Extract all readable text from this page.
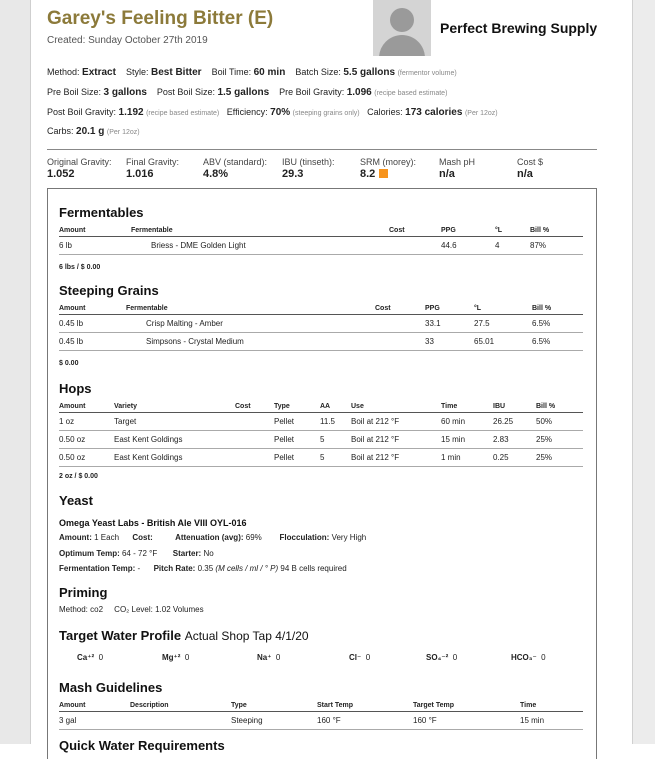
Garey's Feeling Bitter (E)
Created: Sunday October 27th 2019
Perfect Brewing Supply
Method: Extract Style: Best Bitter Boil Time: 60 min Batch Size: 5.5 gallons (fermentor volume)
Pre Boil Size: 3 gallons Post Boil Size: 1.5 gallons Pre Boil Gravity: 1.096 (recipe based estimate)
Post Boil Gravity: 1.192 (recipe based estimate) Efficiency: 70% (steeping grains only) Calories: 173 calories (Per 12oz)
Carbs: 20.1 g (Per 12oz)
Original Gravity:
1.052
Final Gravity:
1.016
ABV (standard):
4.8%
IBU (tinseth):
29.3
SRM (morey):
8.2
Mash pH
n/a
Cost $
n/a
Fermentables
Amount	Fermentable	Cost	PPG	°L	Bill %
6 lb	Briess - DME Golden Light		44.6	4	87%
6 lbs / $ 0.00
Steeping Grains
Amount	Fermentable	Cost	PPG	°L	Bill %
0.45 lb	Crisp Malting - Amber		33.1	27.5	6.5%
0.45 lb	Simpsons - Crystal Medium		33	65.01	6.5%
$ 0.00
Hops
Amount	Variety	Cost	Type	AA	Use	Time	IBU	Bill %
1 oz	Target		Pellet	11.5	Boil at 212 °F	60 min	26.25	50%
0.50 oz	East Kent Goldings		Pellet	5	Boil at 212 °F	15 min	2.83	25%
0.50 oz	East Kent Goldings		Pellet	5	Boil at 212 °F	1 min	0.25	25%
2 oz / $ 0.00
Yeast
Omega Yeast Labs - British Ale VIII OYL-016
Amount: 1 Each Cost:	Attenuation (avg): 69% Flocculation: Very High
Optimum Temp: 64 - 72 °F Starter: No
Fermentation Temp: - Pitch Rate: 0.35 (M cells / ml / ° P) 94 B cells required
Priming
Method: co2 CO₂ Level: 1.02 Volumes
Target Water Profile Actual Shop Tap 4/1/20
Ca⁺² 0	Mg⁺² 0	Na⁺ 0	Cl⁻ 0	SO₄⁻² 0	HCO₃⁻ 0
Mash Guidelines
Amount	Description	Type	Start Temp	Target Temp	Time
3 gal		Steeping	160 °F	160 °F	15 min
Quick Water Requirements
